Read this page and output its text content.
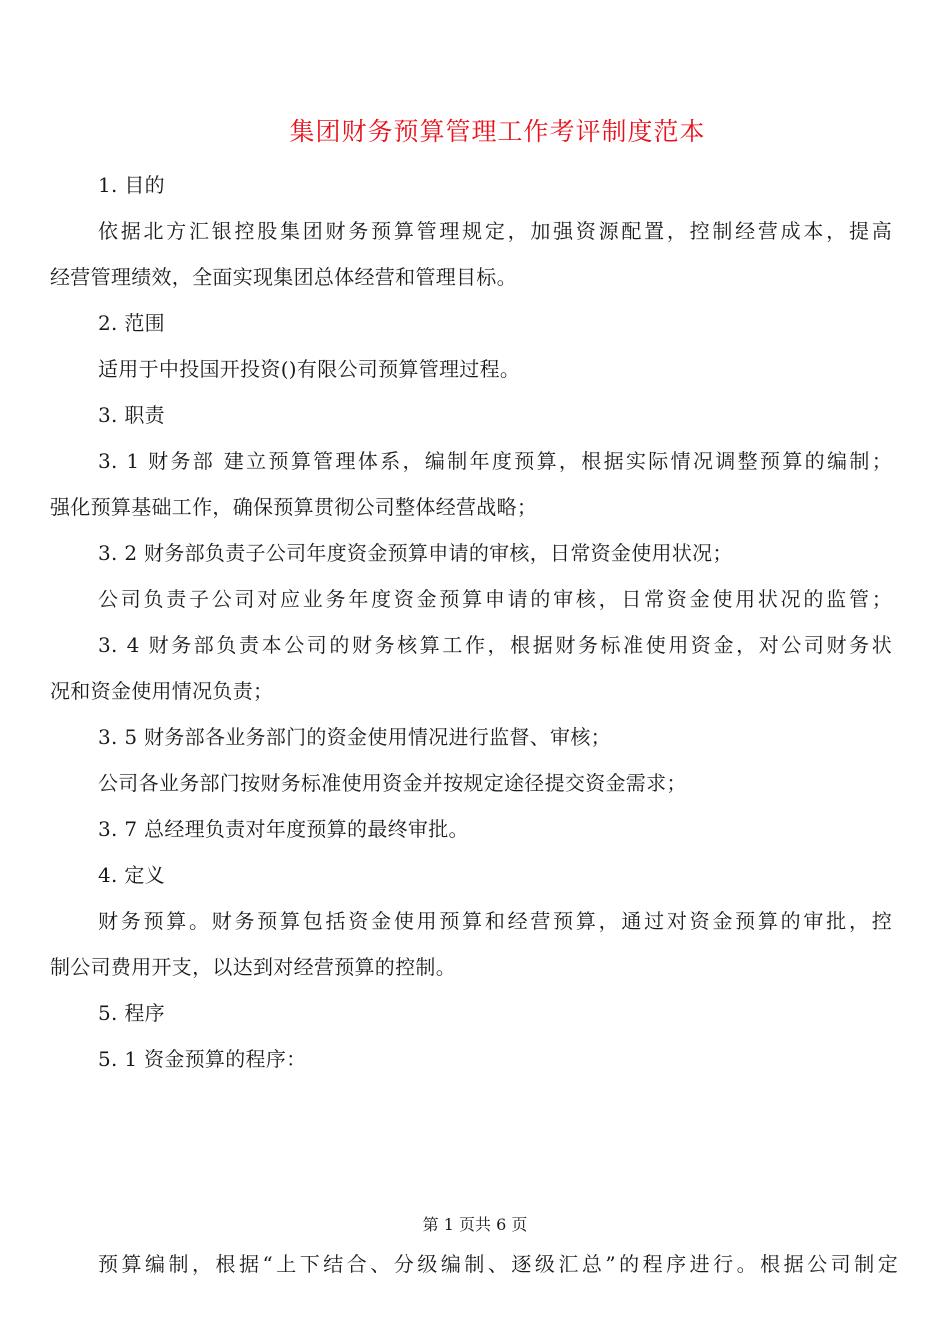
集团财务预算管理工作考评制度范本

1. 目的

依据北方汇银控股集团财务预算管理规定，加强资源配置，控制经营成本，提高

经营管理绩效，全面实现集团总体经营和管理目标。

2. 范围

适用于中投国开投资()有限公司预算管理过程。

3. 职责

3. 1 财务部 建立预算管理体系，编制年度预算，根据实际情况调整预算的编制；

强化预算基础工作，确保预算贯彻公司整体经营战略；

3. 2 财务部负责子公司年度资金预算申请的审核，日常资金使用状况；

公司负责子公司对应业务年度资金预算申请的审核，日常资金使用状况的监管；

3. 4 财务部负责本公司的财务核算工作，根据财务标准使用资金，对公司财务状

况和资金使用情况负责；

3. 5 财务部各业务部门的资金使用情况进行监督、审核；

公司各业务部门按财务标准使用资金并按规定途径提交资金需求；

3. 7 总经理负责对年度预算的最终审批。

4. 定义

财务预算。财务预算包括资金使用预算和经营预算，通过对资金预算的审批，控

制公司费用开支，以达到对经营预算的控制。

5. 程序

5. 1 资金预算的程序：

第 1 页共 6 页
预算编制，根据“上下结合、分级编制、逐级汇总”的程序进行。根据公司制定
